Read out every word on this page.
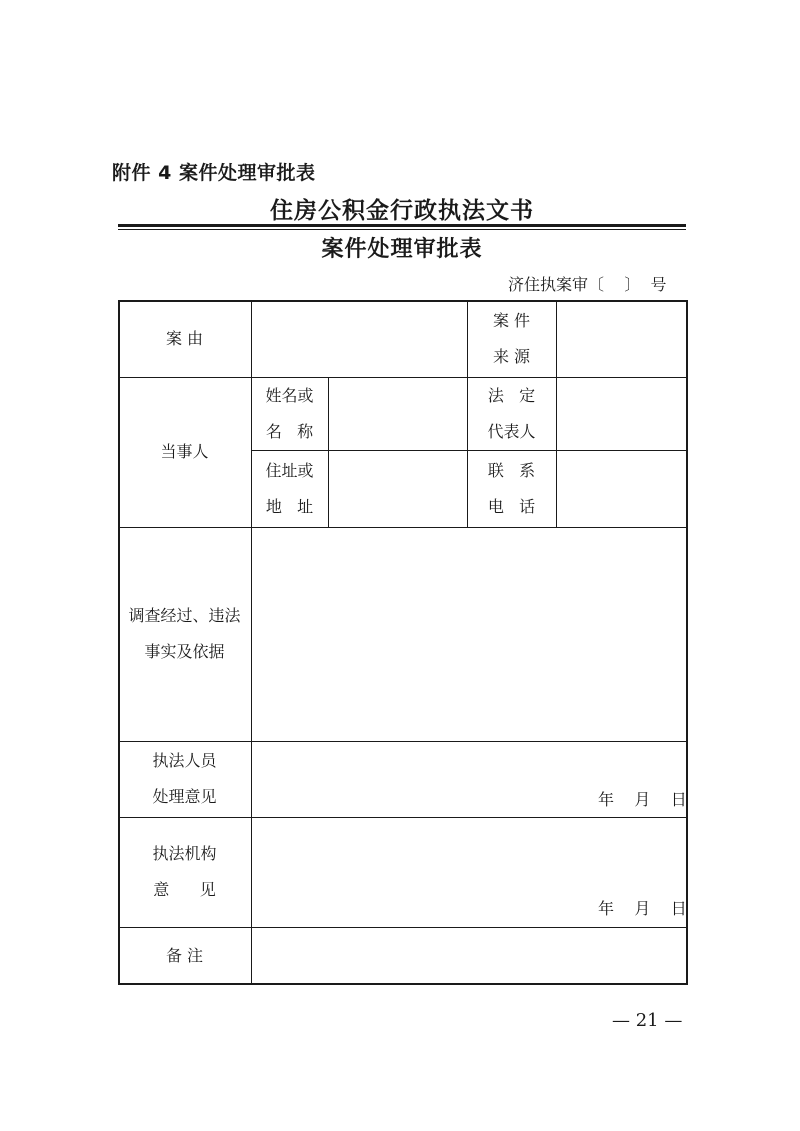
附件 4 案件处理审批表
住房公积金行政执法文书
案件处理审批表
济住执案审〔    〕  号
案 由
案 件
来 源
当事人
姓名或
名   称
法   定
代表人
住址或
地   址
联   系
电   话
调查经过、违法
事实及依据
执法人员
处理意见	年    月    日
执法机构
意      见
年    月    日
备 注
— 21 —
